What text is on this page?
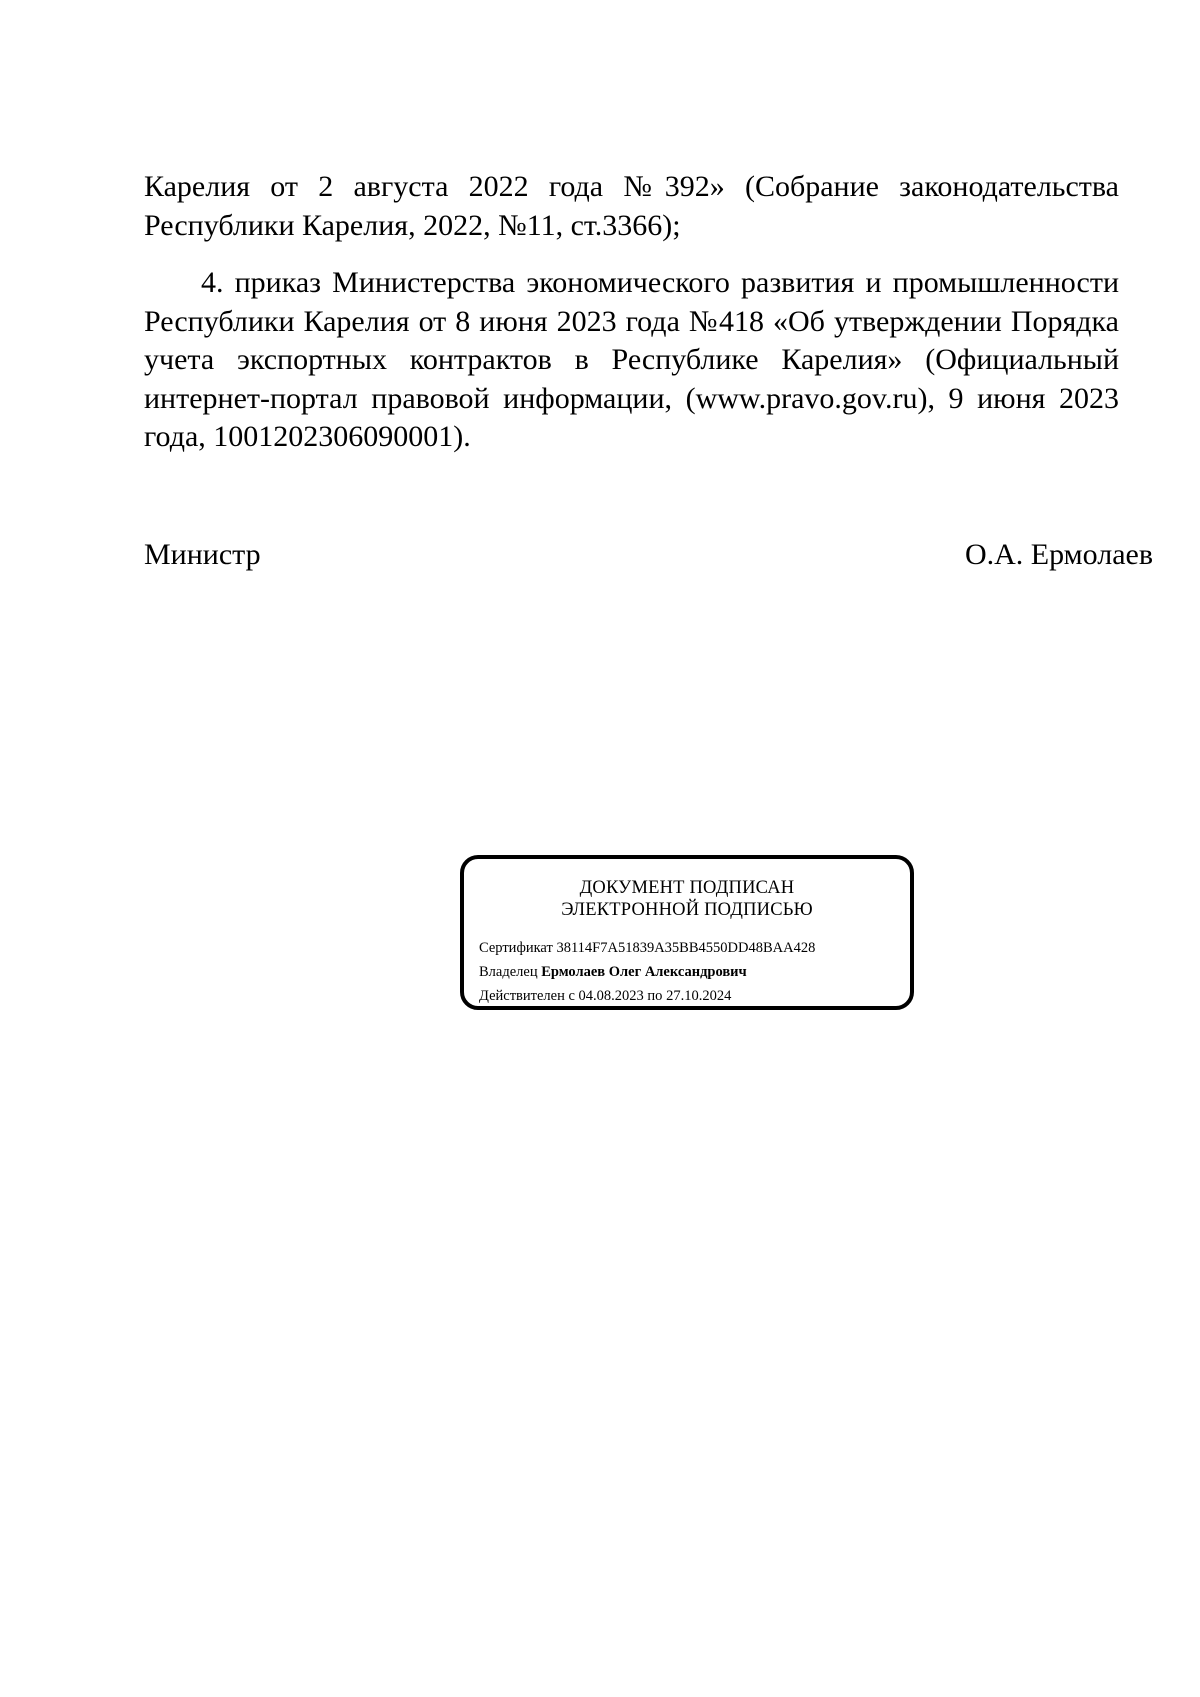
Карелия от 2 августа 2022 года №392» (Собрание законодательства Республики Карелия, 2022, №11, ст.3366);

4. приказ Министерства экономического развития и промышленности Республики Карелия от 8 июня 2023 года №418 «Об утверждении Порядка учета экспортных контрактов в Республике Карелия» (Официальный интернет-портал правовой информации, (www.pravo.gov.ru), 9 июня 2023 года, 1001202306090001).

Министр	О.А. Ермолаев
ДОКУМЕНТ ПОДПИСАН
ЭЛЕКТРОННОЙ ПОДПИСЬЮ
Сертификат 38114F7A51839A35BB4550DD48BAA428
Владелец Ермолаев Олег Александрович
Действителен с 04.08.2023 по 27.10.2024
